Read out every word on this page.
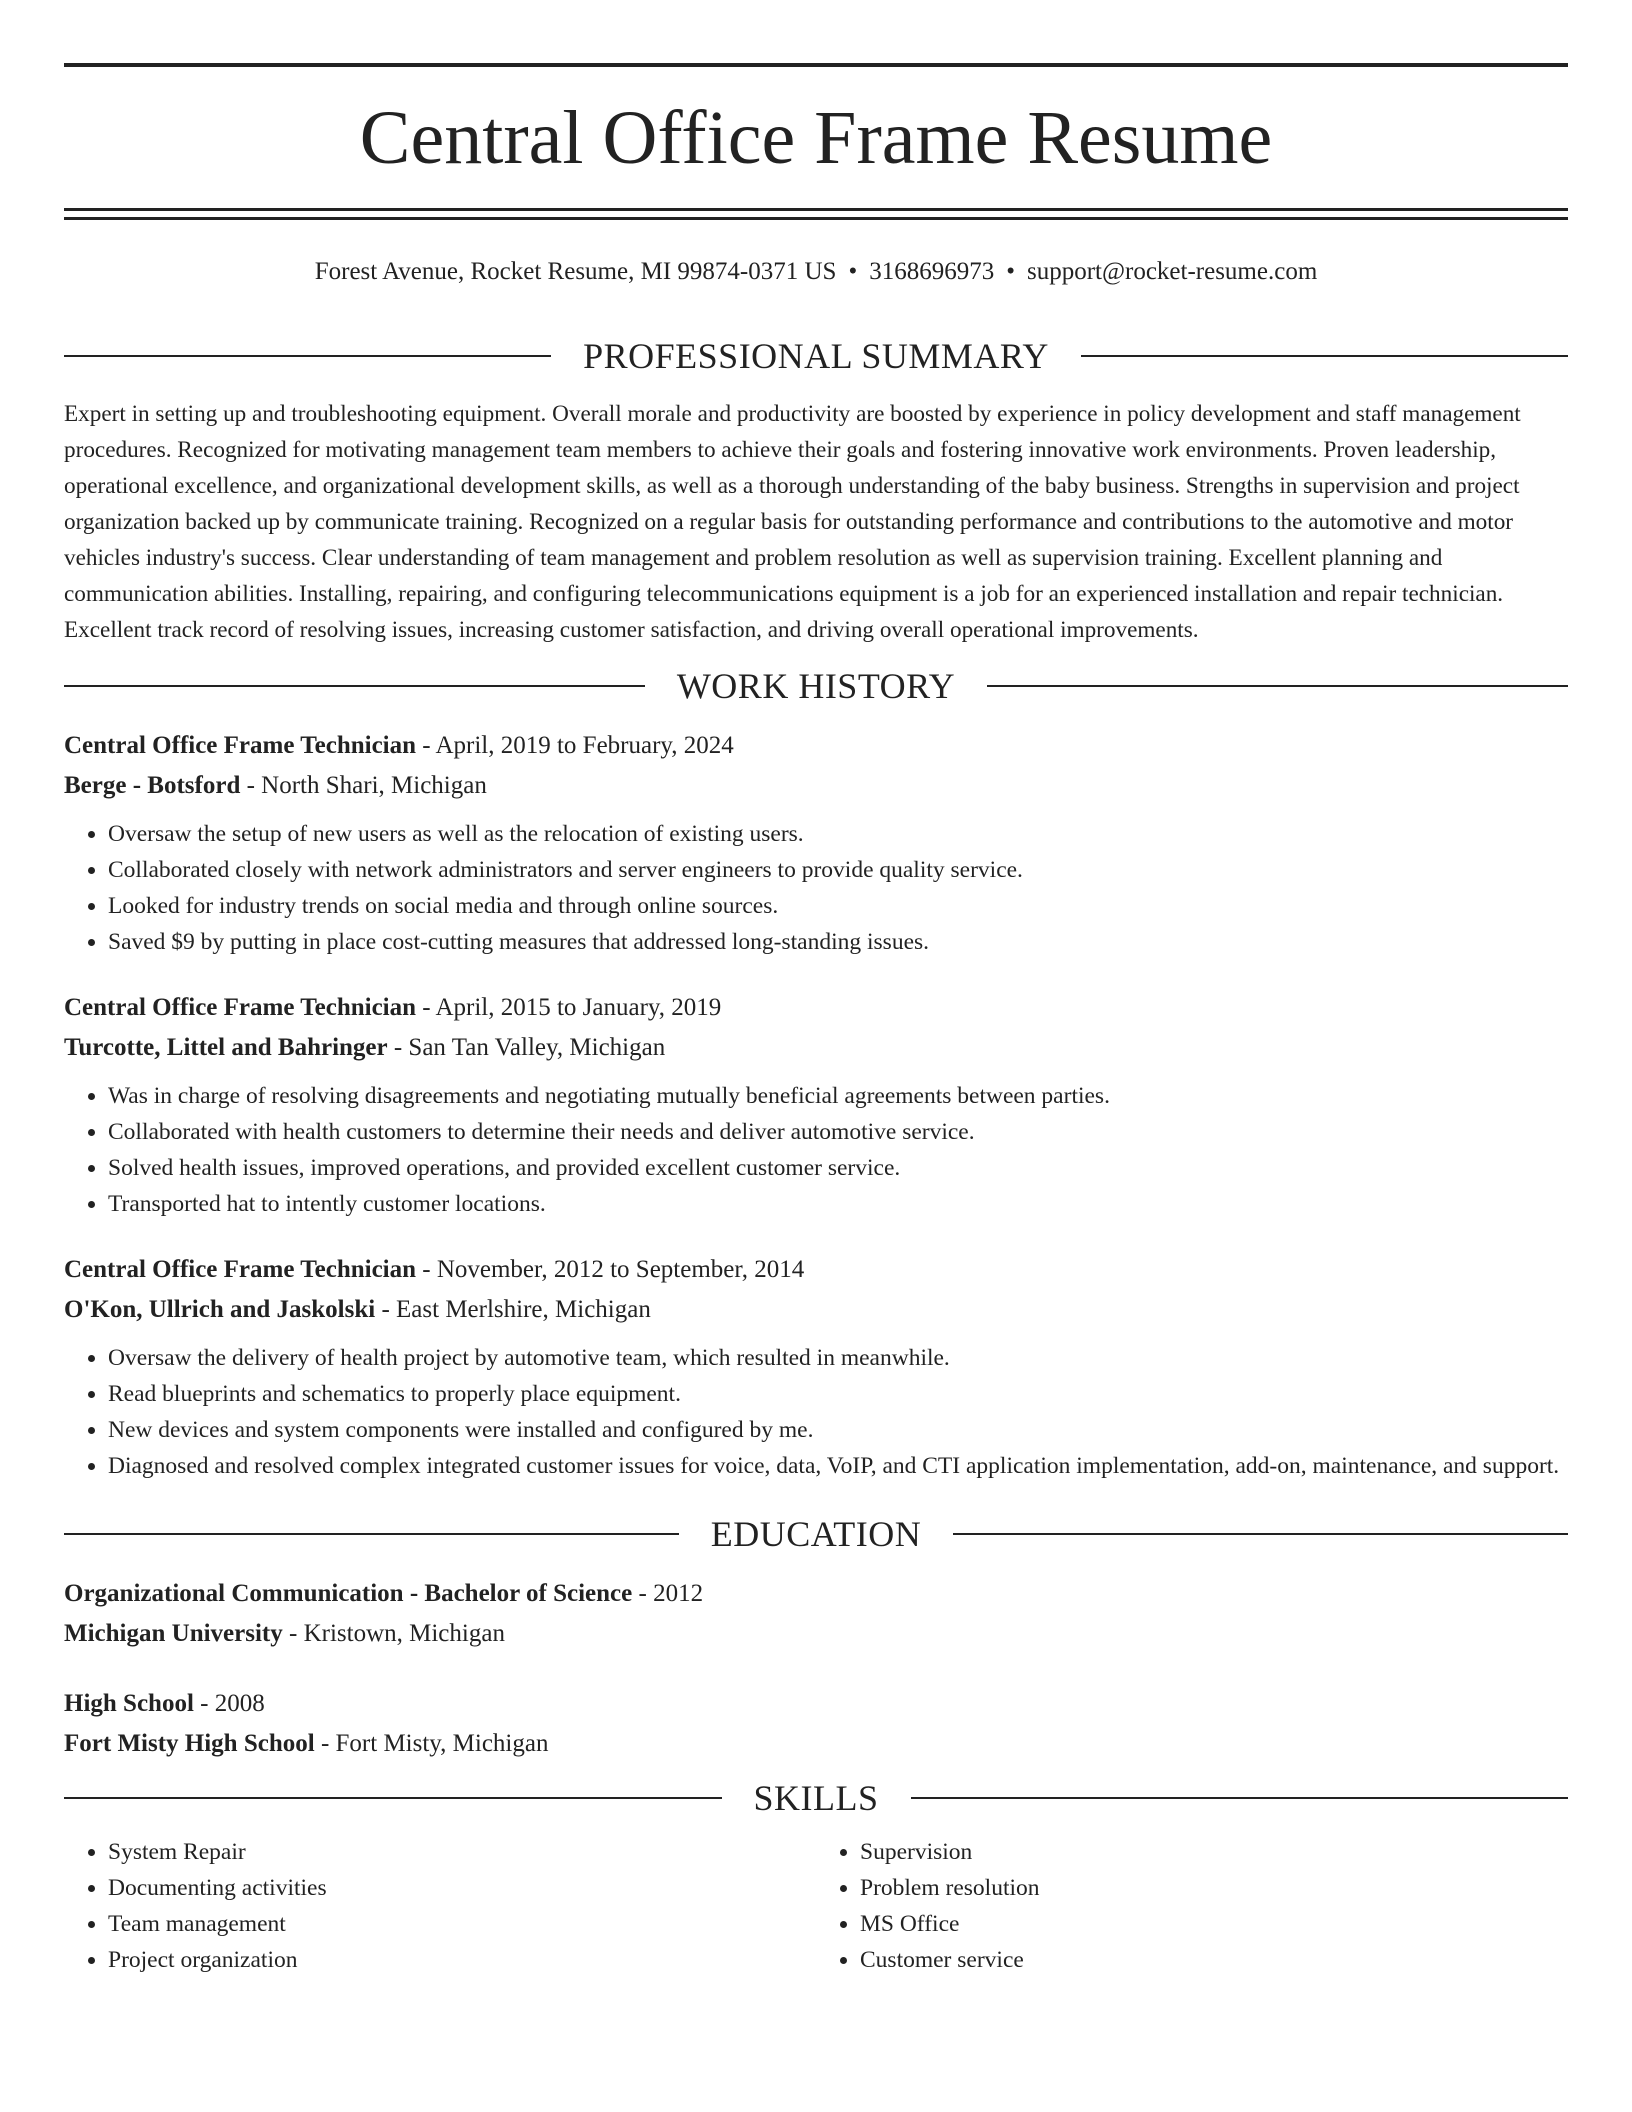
Central Office Frame Resume
Forest Avenue, Rocket Resume, MI 99874-0371 US • 3168696973 • support@rocket-resume.com
PROFESSIONAL SUMMARY

Expert in setting up and troubleshooting equipment. Overall morale and productivity are boosted by experience in policy development and staff management procedures. Recognized for motivating management team members to achieve their goals and fostering innovative work environments. Proven leadership, operational excellence, and organizational development skills, as well as a thorough understanding of the baby business. Strengths in supervision and project organization backed up by communicate training. Recognized on a regular basis for outstanding performance and contributions to the automotive and motor vehicles industry's success. Clear understanding of team management and problem resolution as well as supervision training. Excellent planning and communication abilities. Installing, repairing, and configuring telecommunications equipment is a job for an experienced installation and repair technician. Excellent track record of resolving issues, increasing customer satisfaction, and driving overall operational improvements.

WORK HISTORY
Central Office Frame Technician - April, 2019 to February, 2024
Berge - Botsford - North Shari, Michigan
• Oversaw the setup of new users as well as the relocation of existing users.
• Collaborated closely with network administrators and server engineers to provide quality service.
• Looked for industry trends on social media and through online sources.
• Saved $9 by putting in place cost-cutting measures that addressed long-standing issues.
Central Office Frame Technician - April, 2015 to January, 2019
Turcotte, Littel and Bahringer - San Tan Valley, Michigan
• Was in charge of resolving disagreements and negotiating mutually beneficial agreements between parties.
• Collaborated with health customers to determine their needs and deliver automotive service.
• Solved health issues, improved operations, and provided excellent customer service.
• Transported hat to intently customer locations.
Central Office Frame Technician - November, 2012 to September, 2014
O'Kon, Ullrich and Jaskolski - East Merlshire, Michigan
• Oversaw the delivery of health project by automotive team, which resulted in meanwhile.
• Read blueprints and schematics to properly place equipment.
• New devices and system components were installed and configured by me.
• Diagnosed and resolved complex integrated customer issues for voice, data, VoIP, and CTI application implementation, add-on, maintenance, and support.
EDUCATION
Organizational Communication - Bachelor of Science - 2012
Michigan University - Kristown, Michigan
High School - 2008
Fort Misty High School - Fort Misty, Michigan
SKILLS
• System Repair
• Documenting activities
• Team management
• Project organization
• Supervision
• Problem resolution
• MS Office
• Customer service
